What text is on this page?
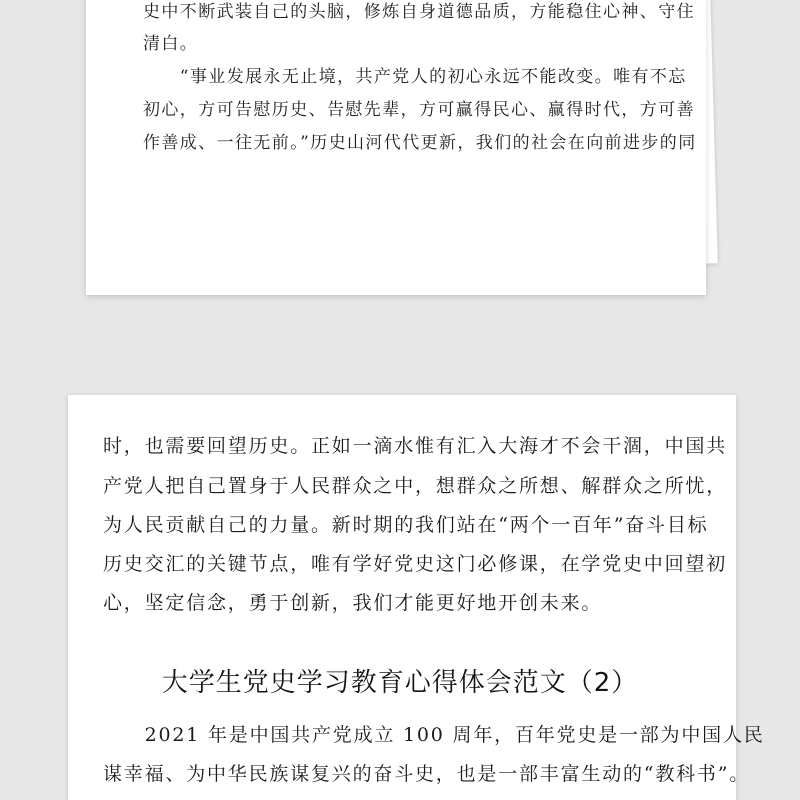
史中不断武装自己的头脑，修炼自身道德品质，方能稳住心神、守住
清白。
　　“事业发展永无止境，共产党人的初心永远不能改变。唯有不忘
初心，方可告慰历史、告慰先辈，方可赢得民心、赢得时代，方可善
作善成、一往无前。”历史山河代代更新，我们的社会在向前进步的同
时，也需要回望历史。正如一滴水惟有汇入大海才不会干涸，中国共
产党人把自己置身于人民群众之中，想群众之所想、解群众之所忧，
为人民贡献自己的力量。新时期的我们站在“两个一百年”奋斗目标
历史交汇的关键节点，唯有学好党史这门必修课，在学党史中回望初
心，坚定信念，勇于创新，我们才能更好地开创未来。
大学生党史学习教育心得体会范文（2）
　　2021 年是中国共产党成立 100 周年，百年党史是一部为中国人民
谋幸福、为中华民族谋复兴的奋斗史，也是一部丰富生动的“教科书”。
